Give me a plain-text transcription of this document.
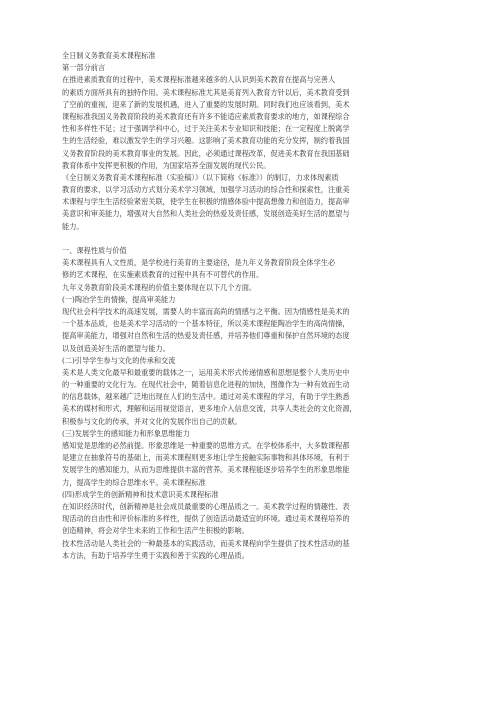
全日制义务教育美术课程标准
第一部分前言
在推进素质教育的过程中，美术课程标准越来越多的人认识到美术教育在提高与完善人
的素质方面所具有的独特作用。美术课程标准尤其是美育列入教育方针以后，美术教育受到
了空前的重视，迎来了新的发展机遇，进入了重要的发展时期。同时我们也应该看到，美术
课程标准我国义务教育阶段的美术教育还有许多不能适应素质教育要求的地方，如课程综合
性和多样性不足；过于强调学科中心，过于关注美术专业知识和技能；在一定程度上脱离学
生的生活经验，难以激发学生的学习兴趣。这影响了美术教育功能的充分发挥，制约着我国
义务教育阶段的美术教育事业的发展。因此，必须通过课程改革，促进美术教育在我国基础
教育体系中发挥更积极的作用，为国家培养全面发展的现代公民。
《全日制义务教育美术课程标准（实验稿）》（以下简称《标准》）的制订，力求体现素质
教育的要求，以学习活动方式划分美术学习领域，加强学习活动的综合性和探索性，注重美
术课程与学生生活经验紧密关联，使学生在积极的情感体验中提高想像力和创造力，提高审
美意识和审美能力，增强对大自然和人类社会的热爱及责任感，发展创造美好生活的愿望与
能力。
一、课程性质与价值
美术课程具有人文性质，是学校进行美育的主要途径，是九年义务教育阶段全体学生必
修的艺术课程，在实施素质教育的过程中具有不可替代的作用。
九年义务教育阶段美术课程的价值主要体现在以下几个方面。
(一)陶冶学生的情操，提高审美能力
现代社会科学技术的高速发展，需要人的丰富而高尚的情感与之平衡。因为情感性是美术的
一个基本品质，也是美术学习活动的一个基本特征，所以美术课程能陶冶学生的高尚情操，
提高审美能力，增强对自然和生活的热爱及责任感，并培养他们尊重和保护自然环境的态度
以及创造美好生活的愿望与能力。
(二)引导学生参与文化的传承和交流
美术是人类文化最早和最重要的载体之一，运用美术形式传递情感和思想是整个人类历史中
的一种重要的文化行为。在现代社会中，随着信息化进程的加快，图像作为一种有效而生动
的信息载体，越来越广泛地出现在人们的生活中。通过对美术课程的学习，有助于学生熟悉
美术的媒材和形式，理解和运用视觉语言，更多地介入信息交流，共享人类社会的文化资源，
积极参与文化的传承，并对文化的发展作出自己的贡献。
(三)发展学生的感知能力和形象思维能力
感知觉是思维的必然前提。形象思维是一种重要的思维方式。在学校体系中，大多数课程都
是建立在抽象符号的基础上，而美术课程则更多地让学生接触实际事物和具体环境，有利于
发展学生的感知能力，从而为思维提供丰富的营养。美术课程能逐步培养学生的形象思维能
力，提高学生的综合思维水平。美术课程标准
(四)形成学生的创新精神和技术意识美术课程标准
在知识经济时代，创新精神是社会成员最重要的心理品质之一。美术教学过程的情趣性、表
现活动的自由性和评价标准的多样性，提供了创造活动最适宜的环境。通过美术课程培养的
创造精神，将会对学生未来的工作和生活产生积极的影响。
技术性活动是人类社会的一种最基本的实践活动，而美术课程向学生提供了技术性活动的基
本方法，有助于培养学生勇于实践和善于实践的心理品质。
